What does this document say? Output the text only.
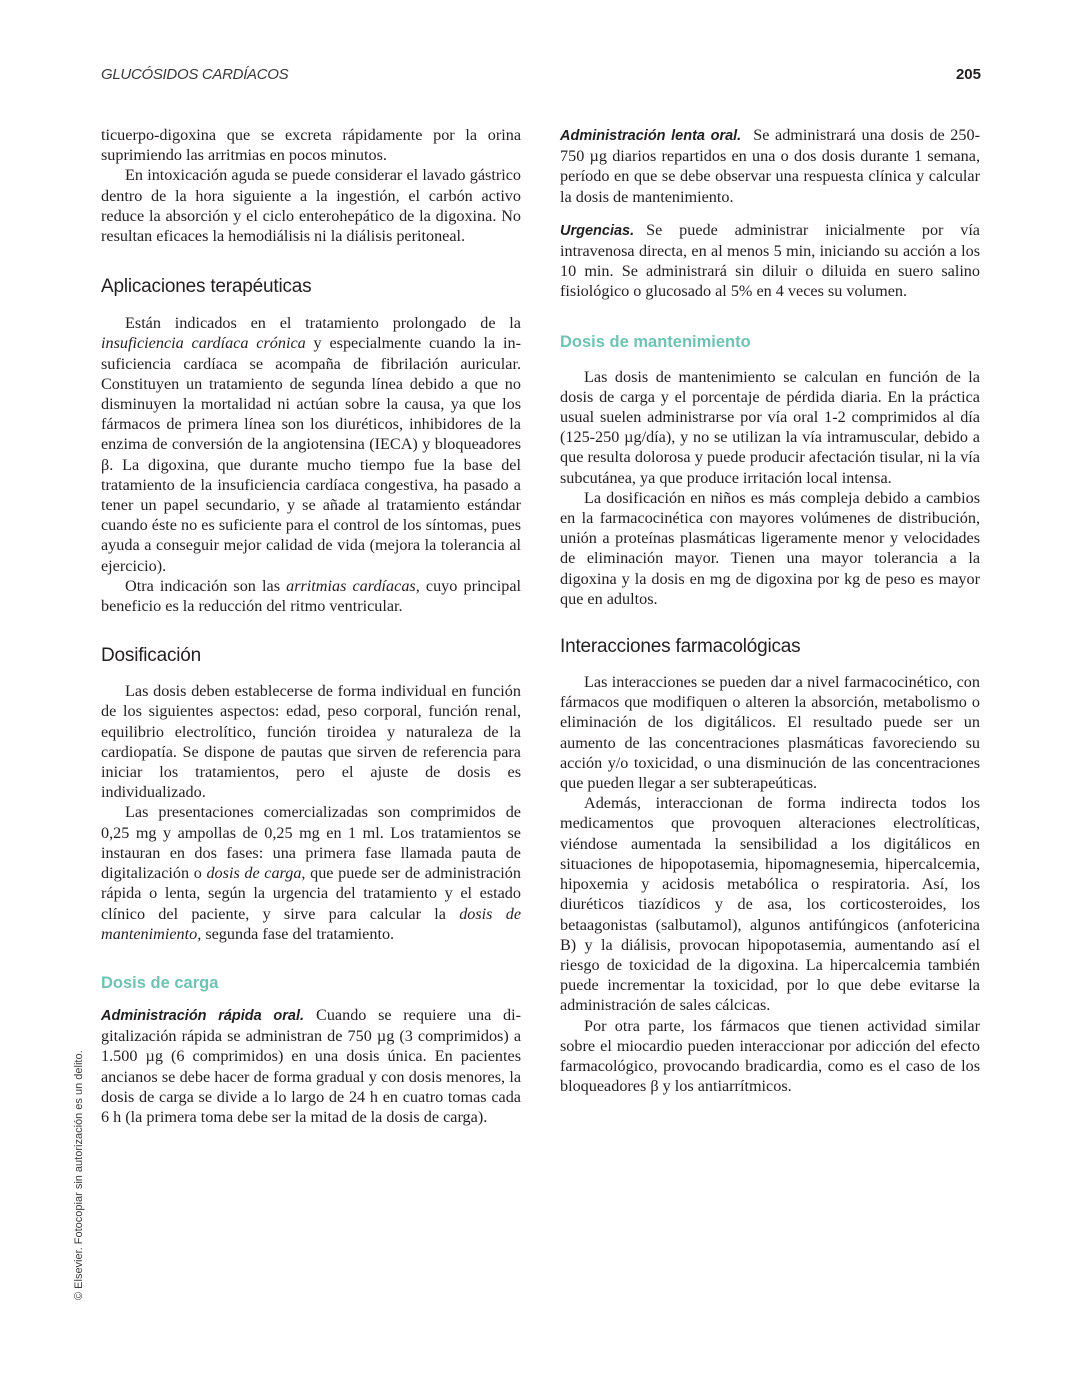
GLUCÓSIDOS CARDÍACOS	205

ticuerpo-digoxina que se excreta rápidamente por la orina suprimiendo las arritmias en pocos minutos.

En intoxicación aguda se puede considerar el lavado gástrico dentro de la hora siguiente a la ingestión, el carbón activo reduce la absorción y el ciclo enterohepático de la digoxina. No resultan eficaces la hemodiálisis ni la diálisis peritoneal.

Aplicaciones terapéuticas

Están indicados en el tratamiento prolongado de la insuficiencia cardíaca crónica y especialmente cuando la insuficiencia cardíaca se acompaña de fibrilación auricular. Constituyen un tratamiento de segunda línea debido a que no disminuyen la mortalidad ni actúan sobre la causa, ya que los fármacos de primera línea son los diuréticos, inhibidores de la enzima de conversión de la angiotensina (IECA) y bloqueadores β. La digoxina, que durante mucho tiempo fue la base del tratamiento de la insuficiencia cardíaca congestiva, ha pasado a tener un papel secundario, y se añade al tratamiento estándar cuando éste no es suficiente para el control de los síntomas, pues ayuda a conseguir mejor calidad de vida (mejora la tolerancia al ejercicio).

Otra indicación son las arritmias cardíacas, cuyo principal beneficio es la reducción del ritmo ventricular.

Dosificación

Las dosis deben establecerse de forma individual en función de los siguientes aspectos: edad, peso corporal, función renal, equilibrio electrolítico, función tiroidea y naturaleza de la cardiopatía. Se dispone de pautas que sirven de referencia para iniciar los tratamientos, pero el ajuste de dosis es individualizado.

Las presentaciones comercializadas son comprimidos de 0,25 mg y ampollas de 0,25 mg en 1 ml. Los tratamientos se instauran en dos fases: una primera fase llamada pauta de digitalización o dosis de carga, que puede ser de administración rápida o lenta, según la urgencia del tratamiento y el estado clínico del paciente, y sirve para calcular la dosis de mantenimiento, segunda fase del tratamiento.

Dosis de carga

Administración rápida oral. Cuando se requiere una digitalización rápida se administran de 750 µg (3 comprimidos) a 1.500 µg (6 comprimidos) en una dosis única. En pacientes ancianos se debe hacer de forma gradual y con dosis menores, la dosis de carga se divide a lo largo de 24 h en cuatro tomas cada 6 h (la primera toma debe ser la mitad de la dosis de carga).

Administración lenta oral. Se administrará una dosis de 250-750 µg diarios repartidos en una o dos dosis durante 1 semana, período en que se debe observar una respuesta clínica y calcular la dosis de mantenimiento.

Urgencias. Se puede administrar inicialmente por vía intravenosa directa, en al menos 5 min, iniciando su acción a los 10 min. Se administrará sin diluir o diluida en suero salino fisiológico o glucosado al 5% en 4 veces su volumen.

Dosis de mantenimiento

Las dosis de mantenimiento se calculan en función de la dosis de carga y el porcentaje de pérdida diaria. En la práctica usual suelen administrarse por vía oral 1-2 comprimidos al día (125-250 µg/día), y no se utilizan la vía intramuscular, debido a que resulta dolorosa y puede producir afectación tisular, ni la vía subcutánea, ya que produce irritación local intensa.

La dosificación en niños es más compleja debido a cambios en la farmacocinética con mayores volúmenes de distribución, unión a proteínas plasmáticas ligeramente menor y velocidades de eliminación mayor. Tienen una mayor tolerancia a la digoxina y la dosis en mg de digoxina por kg de peso es mayor que en adultos.

Interacciones farmacológicas

Las interacciones se pueden dar a nivel farmacocinético, con fármacos que modifiquen o alteren la absorción, metabolismo o eliminación de los digitálicos. El resultado puede ser un aumento de las concentraciones plasmáticas favoreciendo su acción y/o toxicidad, o una disminución de las concentraciones que pueden llegar a ser subterapeúticas.

Además, interaccionan de forma indirecta todos los medicamentos que provoquen alteraciones electrolíticas, viéndose aumentada la sensibilidad a los digitálicos en situaciones de hipopotasemia, hipomagnesemia, hipercalcemia, hipoxemia y acidosis metabólica o respiratoria. Así, los diuréticos tiazídicos y de asa, los corticosteroides, los betaagonistas (salbutamol), algunos antifúngicos (anfotericina B) y la diálisis, provocan hipopotasemia, aumentando así el riesgo de toxicidad de la digoxina. La hipercalcemia también puede incrementar la toxicidad, por lo que debe evitarse la administración de sales cálcicas.

Por otra parte, los fármacos que tienen actividad similar sobre el miocardio pueden interaccionar por adicción del efecto farmacológico, provocando bradicardia, como es el caso de los bloqueadores β y los antiarrítmicos.

© Elsevier. Fotocopiar sin autorización es un delito.
